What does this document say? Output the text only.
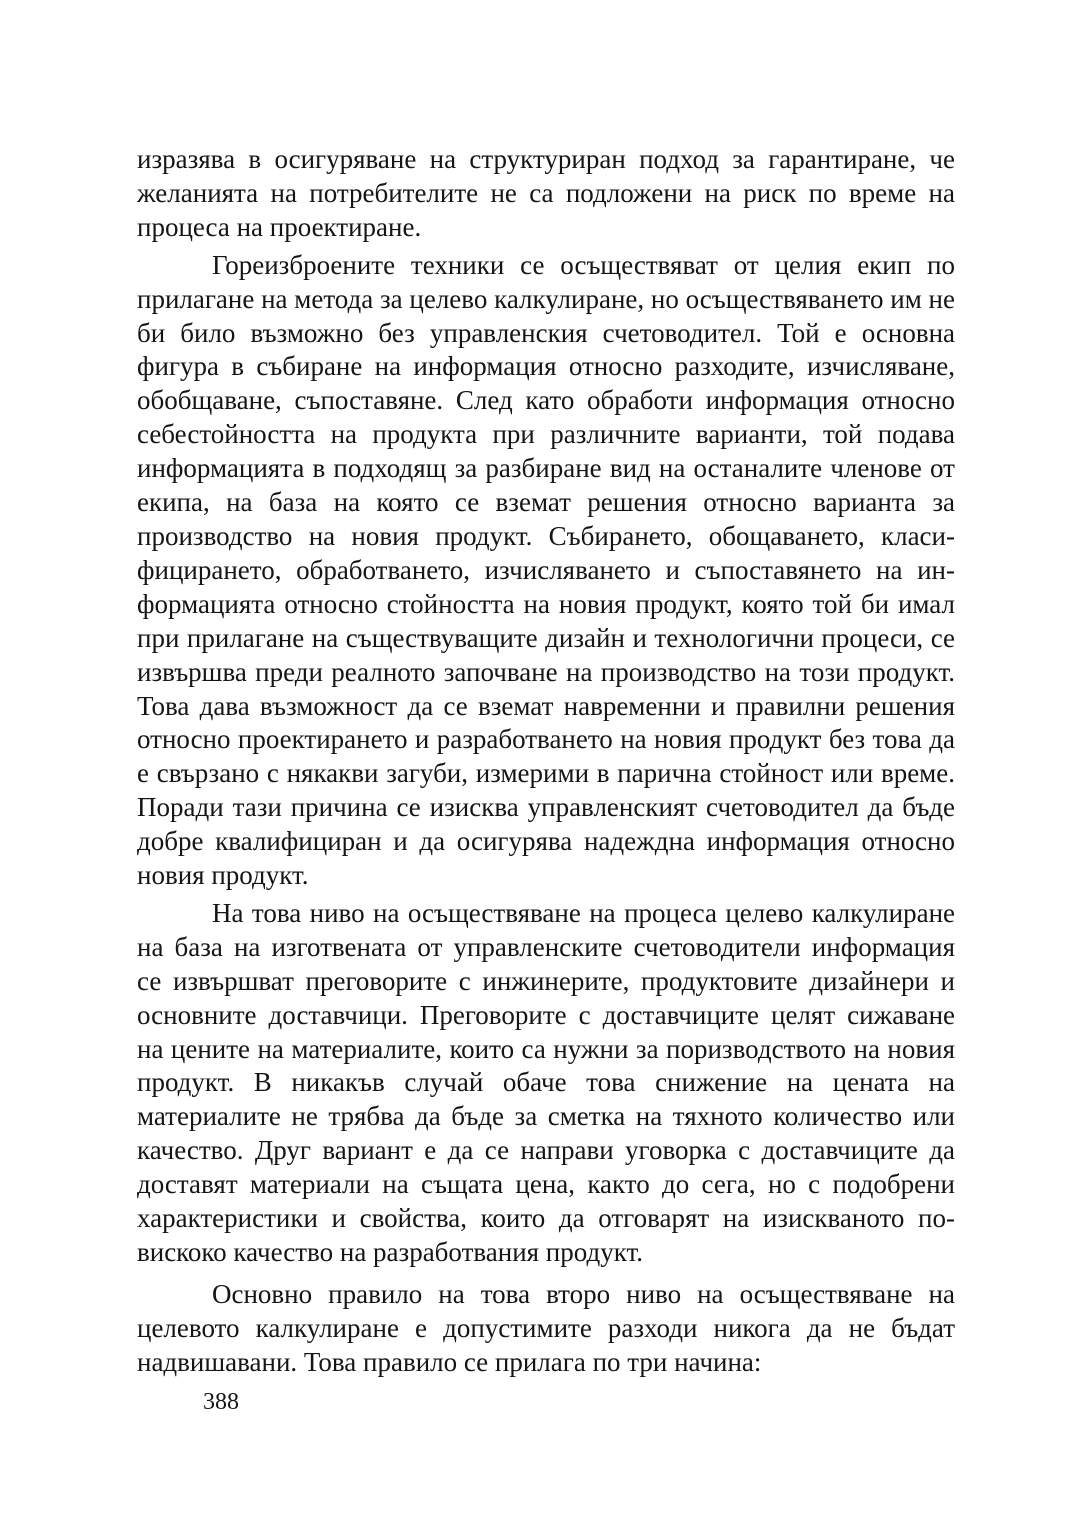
изразява в осигуряване на структуриран подход за гарантиране, че желанията на потребителите не са подложени на риск по време на процеса на проектиране.

Гореизброените техники се осъществяват от целия екип по прилагане на метода за целево калкулиране, но осъществяването им не би било възможно без управленския счетоводител. Той е основна фигура в събиране на информация относно разходите, изчисляване, обобщаване, съпоставяне. След като обработи информация относно себестойността на продукта при различните варианти, той подава информацията в подходящ за разбиране вид на останалите членове от екипа, на база на която се вземат решения относно варианта за производство на новия продукт. Събирането, обощаването, класифицирането, обработването, изчисляването и съпоставянето на информацията относно стойността на новия продукт, която той би имал при прилагане на съществуващите дизайн и технологични процеси, се извършва преди реалното започване на производство на този продукт. Това дава възможност да се вземат навременни и правилни решения относно проектирането и разработването на новия продукт без това да е свързано с някакви загуби, измерими в парична стойност или време. Поради тази причина се изисква управленският счетоводител да бъде добре квалифициран и да осигурява надеждна информация относно новия продукт.

На това ниво на осъществяване на процеса целево калкулиране на база на изготвената от управленските счетоводители информация се извършват преговорите с инжинерите, продуктовите дизайнери и основните доставчици. Преговорите с доставчиците целят сижаване на цените на материалите, които са нужни за поризводството на новия продукт. В никакъв случай обаче това снижение на цената на материалите не трябва да бъде за сметка на тяхното количество или качество. Друг вариант е да се направи уговорка с доставчиците да доставят материали на същата цена, както до сега, но с подобрени характеристики и свойства, които да отговарят на изискваното по-вискоко качество на разработвания продукт.

Основно правило на това второ ниво на осъществяване на целевото калкулиране е допустимите разходи никога да не бъдат надвишавани. Това правило се прилага по три начина:

388
